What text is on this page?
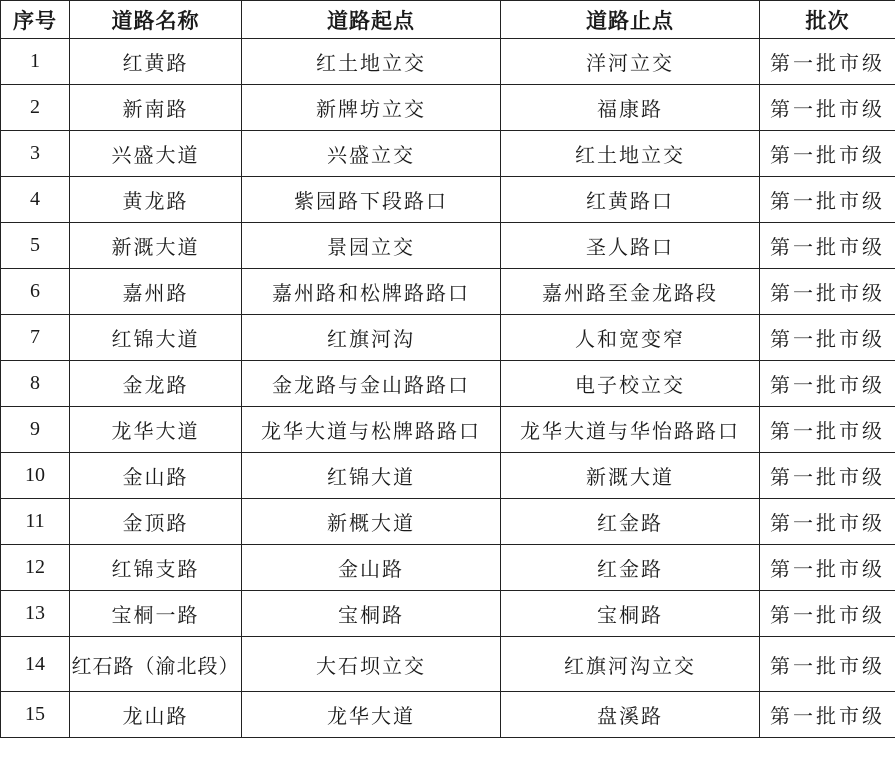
序号	道路名称	道路起点	道路止点	批次
1	红黄路	红土地立交	洋河立交	第一批市级
2	新南路	新牌坊立交	福康路	第一批市级
3	兴盛大道	兴盛立交	红土地立交	第一批市级
4	黄龙路	紫园路下段路口	红黄路口	第一批市级
5	新溉大道	景园立交	圣人路口	第一批市级
6	嘉州路	嘉州路和松牌路路口	嘉州路至金龙路段	第一批市级
7	红锦大道	红旗河沟	人和宽变窄	第一批市级
8	金龙路	金龙路与金山路路口	电子校立交	第一批市级
9	龙华大道	龙华大道与松牌路路口	龙华大道与华怡路路口	第一批市级
10	金山路	红锦大道	新溉大道	第一批市级
11	金顶路	新概大道	红金路	第一批市级
12	红锦支路	金山路	红金路	第一批市级
13	宝桐一路	宝桐路	宝桐路	第一批市级
14	红石路（渝北段）	大石坝立交	红旗河沟立交	第一批市级
15	龙山路	龙华大道	盘溪路	第一批市级
